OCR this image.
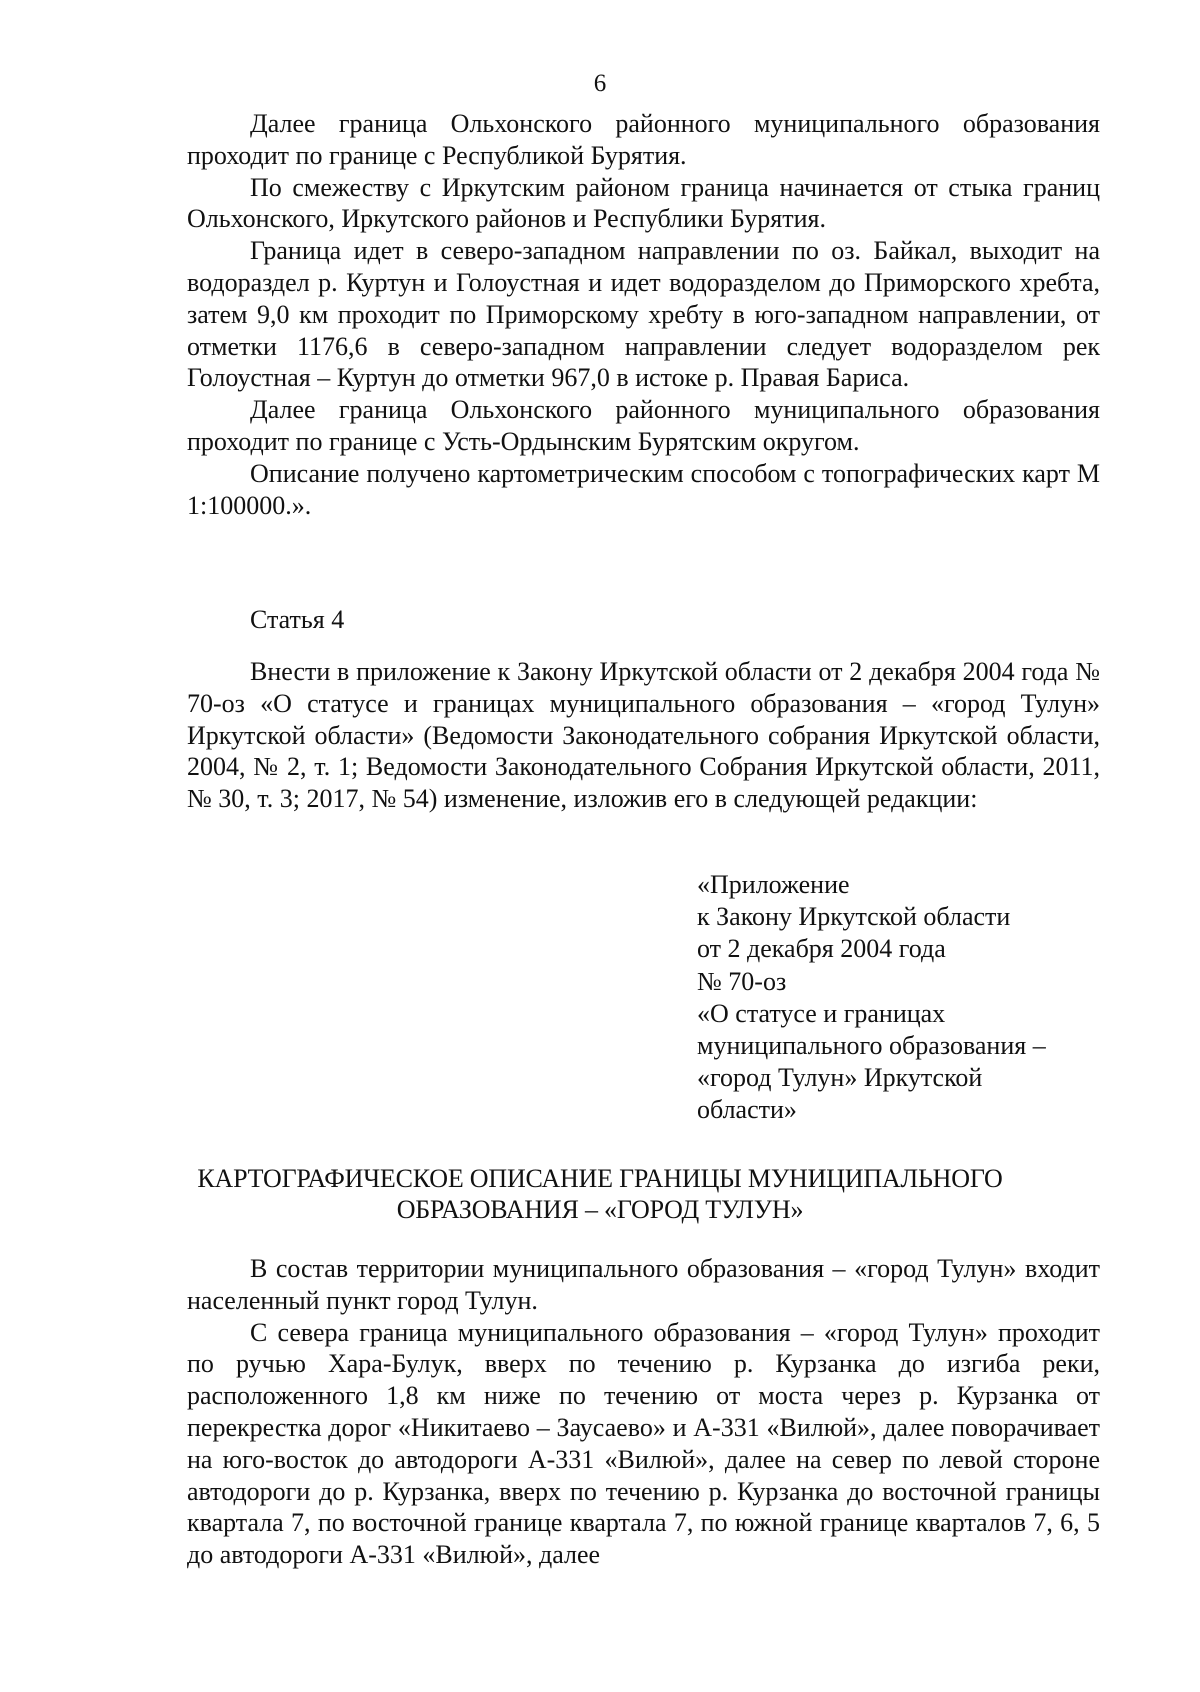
6

Далее граница Ольхонского районного муниципального образования проходит по границе с Республикой Бурятия.

По смежеству с Иркутским районом граница начинается от стыка границ Ольхонского, Иркутского районов и Республики Бурятия.

Граница идет в северо-западном направлении по оз. Байкал, выходит на водораздел р. Куртун и Голоустная и идет водоразделом до Приморского хребта, затем 9,0 км проходит по Приморскому хребту в юго-западном направлении, от отметки 1176,6 в северо-западном направлении следует водоразделом рек Голоустная – Куртун до отметки 967,0 в истоке р. Правая Бариса.

Далее граница Ольхонского районного муниципального образования проходит по границе с Усть-Ордынским Бурятским округом.

Описание получено картометрическим способом с топографических карт М 1:100000.».

Статья 4

Внести в приложение к Закону Иркутской области от 2 декабря 2004 года № 70-оз «О статусе и границах муниципального образования – «город Тулун» Иркутской области» (Ведомости Законодательного собрания Иркутской области, 2004, № 2, т. 1; Ведомости Законодательного Собрания Иркутской области, 2011, № 30, т. 3; 2017, № 54) изменение, изложив его в следующей редакции:

«Приложение
к Закону Иркутской области
от 2 декабря 2004 года
№ 70-оз
«О статусе и границах
муниципального образования –
«город Тулун» Иркутской
области»
КАРТОГРАФИЧЕСКОЕ ОПИСАНИЕ ГРАНИЦЫ МУНИЦИПАЛЬНОГО
ОБРАЗОВАНИЯ – «ГОРОД ТУЛУН»

В состав территории муниципального образования – «город Тулун» входит населенный пункт город Тулун.

С севера граница муниципального образования – «город Тулун» проходит по ручью Хара-Булук, вверх по течению р. Курзанка до изгиба реки, расположенного 1,8 км ниже по течению от моста через р. Курзанка от перекрестка дорог «Никитаево – Заусаево» и А-331 «Вилюй», далее поворачивает на юго-восток до автодороги А-331 «Вилюй», далее на север по левой стороне автодороги до р. Курзанка, вверх по течению р. Курзанка до восточной границы квартала 7, по восточной границе квартала 7, по южной границе кварталов 7, 6, 5 до автодороги А-331 «Вилюй», далее
